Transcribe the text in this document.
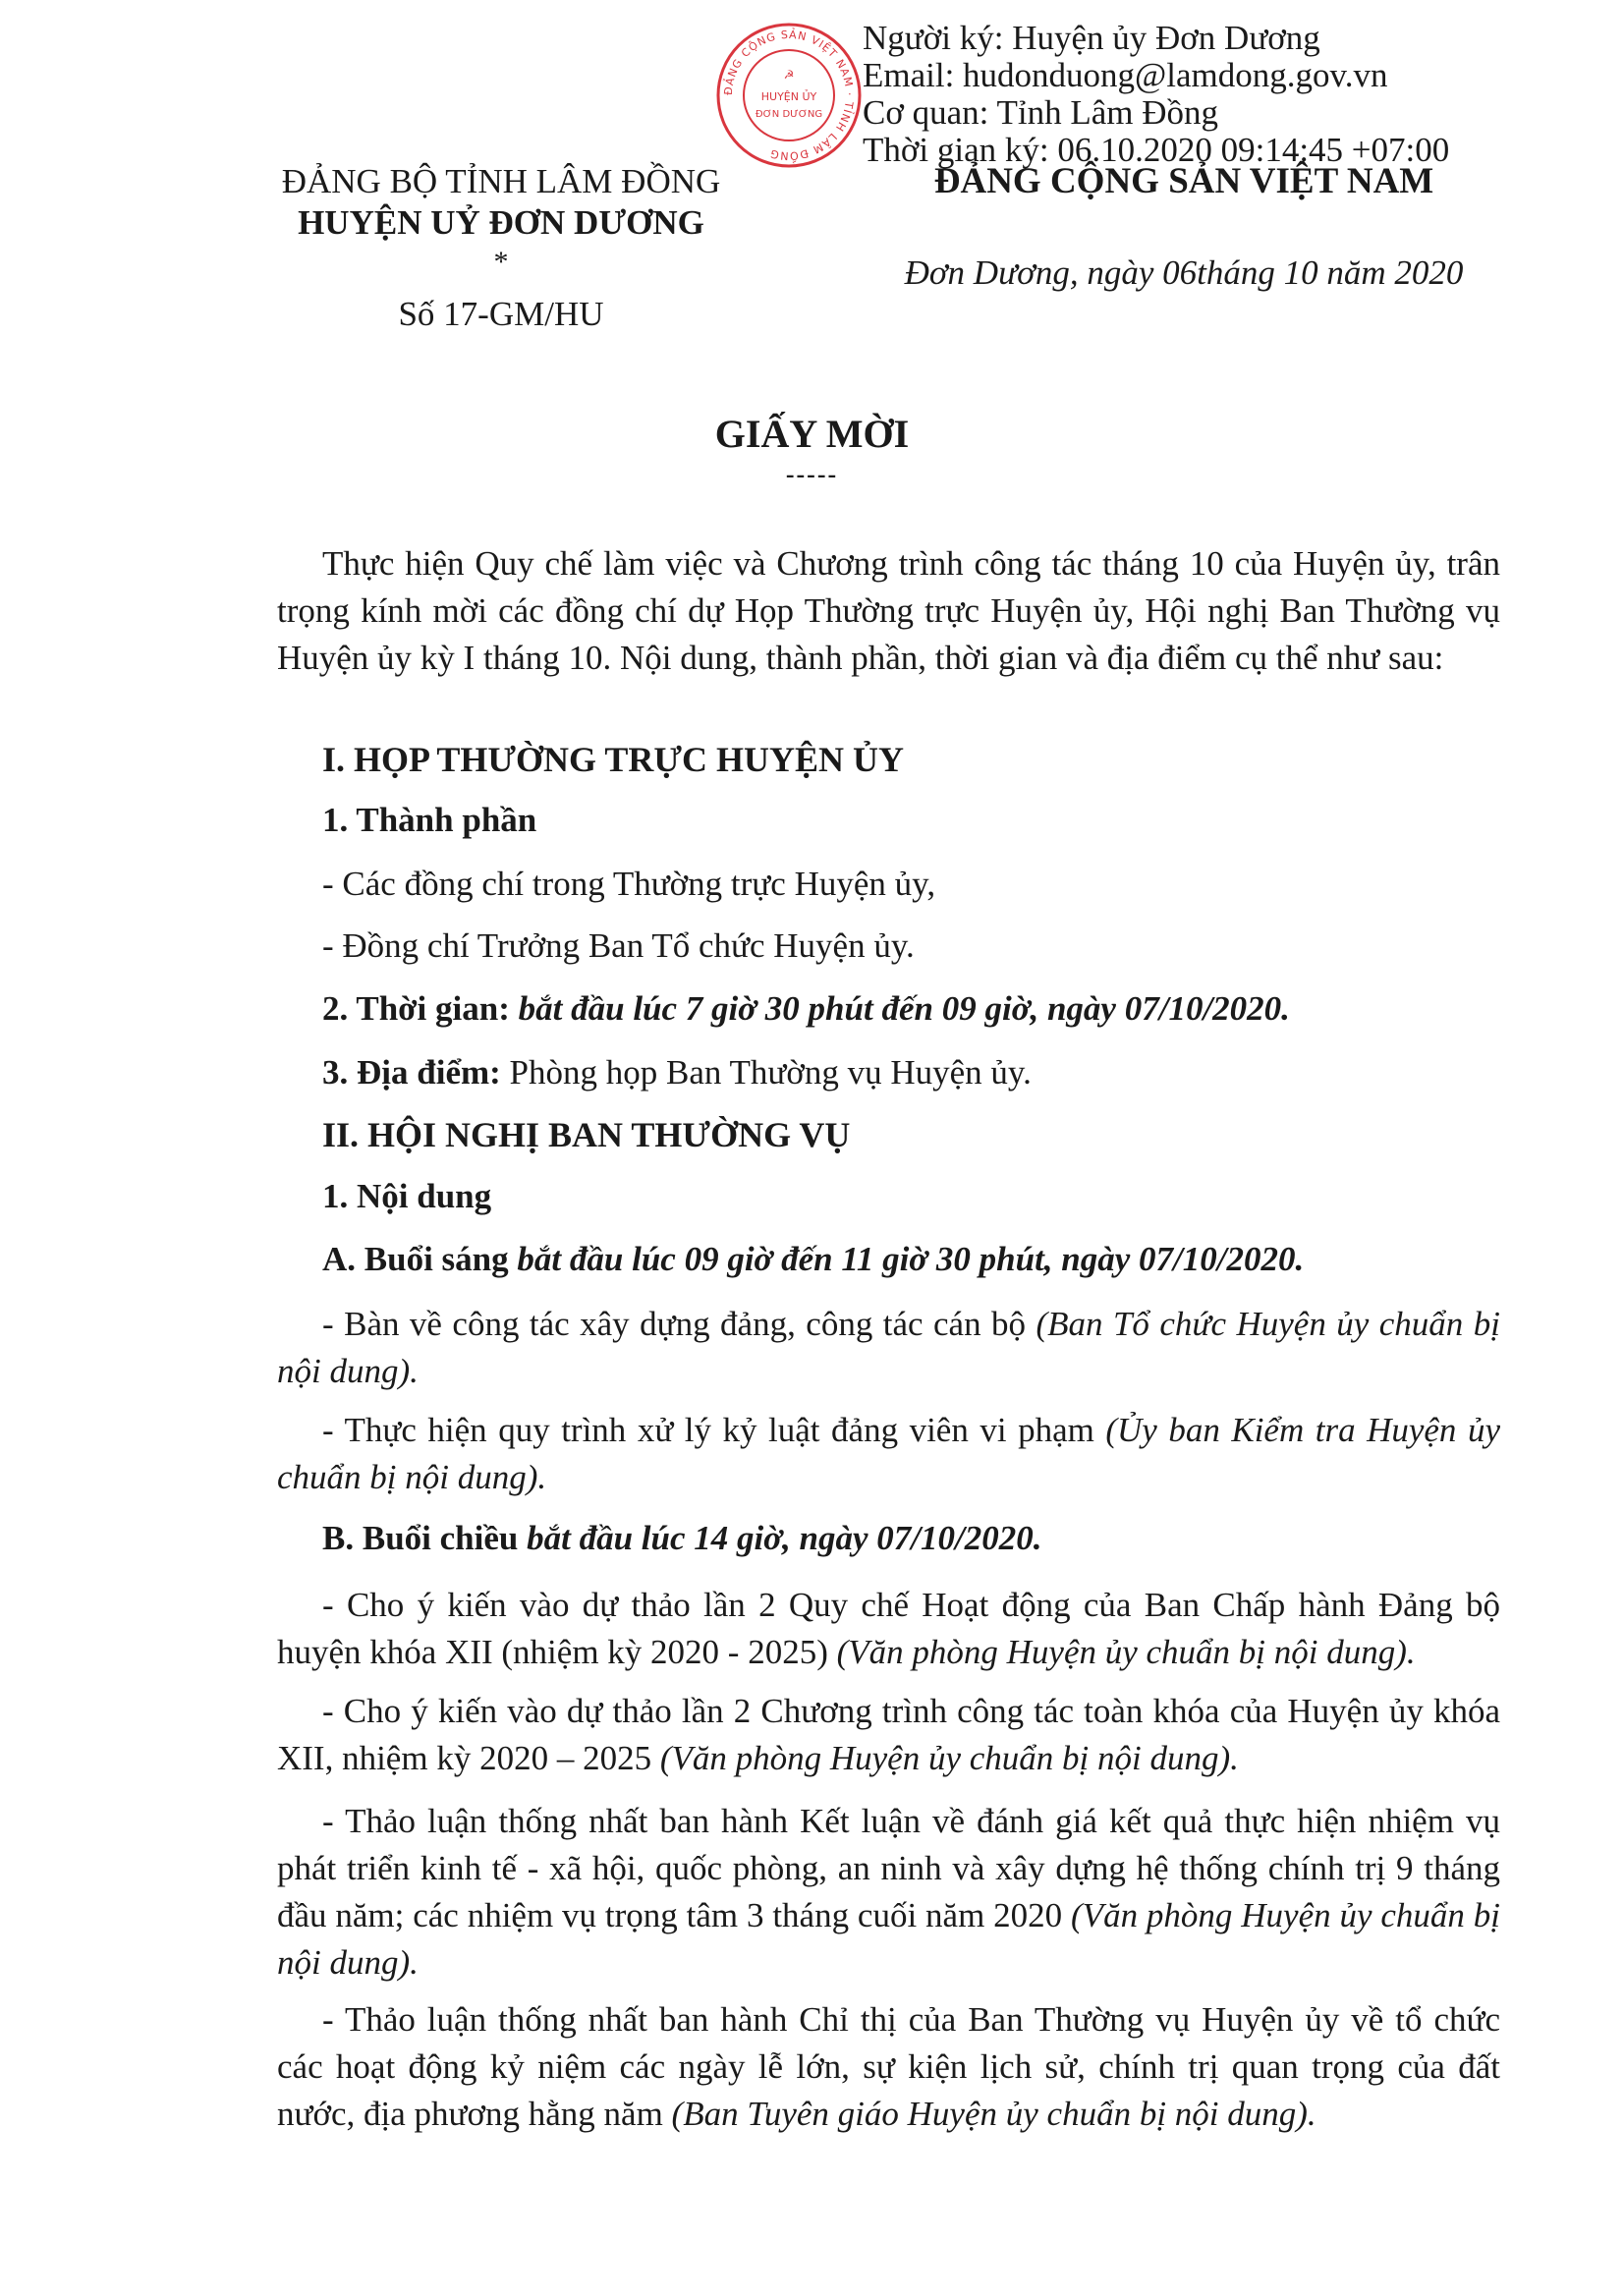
ĐẢNG CỘNG SẢN VIỆT NAM · TỈNH LÂM ĐỒNG
☭
HUYỆN ỦY
ĐƠN DƯƠNG
Người ký: Huyện ủy Đơn Dương
Email: hudonduong@lamdong.gov.vn
Cơ quan: Tỉnh Lâm Đồng
Thời gian ký: 06.10.2020 09:14:45 +07:00
ĐẢNG BỘ TỈNH LÂM ĐỒNG
HUYỆN UỶ ĐƠN DƯƠNG
*
Số 17-GM/HU
ĐẢNG CỘNG SẢN VIỆT NAM
Đơn Dương, ngày 06tháng 10 năm 2020
GIẤY MỜI
-----

Thực hiện Quy chế làm việc và Chương trình công tác tháng 10 của Huyện ủy, trân trọng kính mời các đồng chí dự Họp Thường trực Huyện ủy, Hội nghị Ban Thường vụ Huyện ủy kỳ I tháng 10. Nội dung, thành phần, thời gian và địa điểm cụ thể như sau:

I. HỌP THƯỜNG TRỰC HUYỆN ỦY
1. Thành phần
- Các đồng chí trong Thường trực Huyện ủy,
- Đồng chí Trưởng Ban Tổ chức Huyện ủy.
2. Thời gian: bắt đầu lúc 7 giờ 30 phút đến 09 giờ, ngày 07/10/2020.
3. Địa điểm: Phòng họp Ban Thường vụ Huyện ủy.
II. HỘI NGHỊ BAN THƯỜNG VỤ
1. Nội dung
A. Buổi sáng bắt đầu lúc 09 giờ đến 11 giờ 30 phút, ngày 07/10/2020.

- Bàn về công tác xây dựng đảng, công tác cán bộ (Ban Tổ chức Huyện ủy chuẩn bị nội dung).

- Thực hiện quy trình xử lý kỷ luật đảng viên vi phạm (Ủy ban Kiểm tra Huyện ủy chuẩn bị nội dung).

B. Buổi chiều bắt đầu lúc 14 giờ, ngày 07/10/2020.

- Cho ý kiến vào dự thảo lần 2 Quy chế Hoạt động của Ban Chấp hành Đảng bộ huyện khóa XII (nhiệm kỳ 2020 - 2025) (Văn phòng Huyện ủy chuẩn bị nội dung).

- Cho ý kiến vào dự thảo lần 2 Chương trình công tác toàn khóa của Huyện ủy khóa XII, nhiệm kỳ 2020 – 2025 (Văn phòng Huyện ủy chuẩn bị nội dung).

- Thảo luận thống nhất ban hành Kết luận về đánh giá kết quả thực hiện nhiệm vụ phát triển kinh tế - xã hội, quốc phòng, an ninh và xây dựng hệ thống chính trị 9 tháng đầu năm; các nhiệm vụ trọng tâm 3 tháng cuối năm 2020 (Văn phòng Huyện ủy chuẩn bị nội dung).

- Thảo luận thống nhất ban hành Chỉ thị của Ban Thường vụ Huyện ủy về tổ chức các hoạt động kỷ niệm các ngày lễ lớn, sự kiện lịch sử, chính trị quan trọng của đất nước, địa phương hằng năm (Ban Tuyên giáo Huyện ủy chuẩn bị nội dung).
